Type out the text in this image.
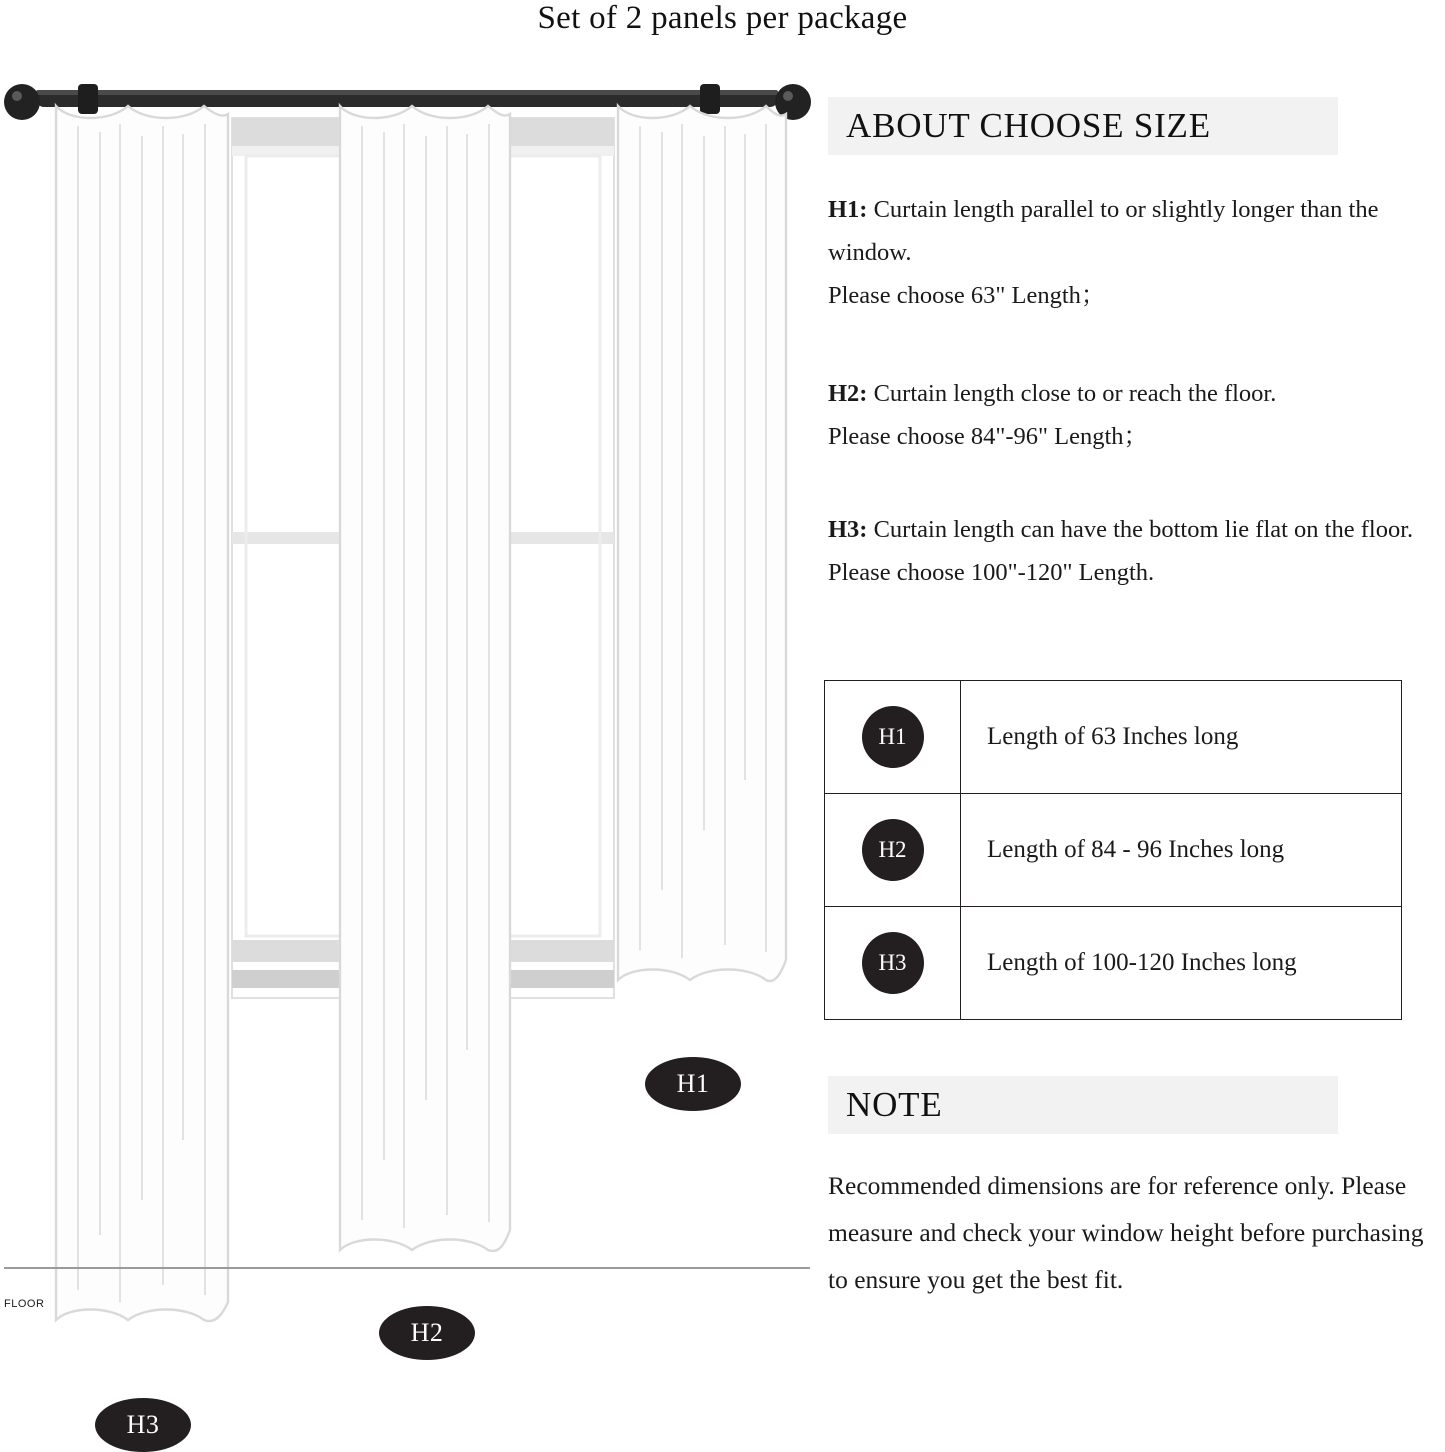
Set of 2 panels per package
FLOOR
H1
H2
H3
ABOUT CHOOSE SIZE
H1: Curtain length parallel to or slightly longer than the window.
Please choose 63" Length；
H2: Curtain length close to or reach the floor.
Please choose 84"-96" Length；
H3: Curtain length can have the bottom lie flat on the floor.
Please choose 100"-120" Length.
H1	Length of 63 Inches long
H2	Length of 84 - 96 Inches long
H3	Length of 100-120 Inches long
NOTE
Recommended dimensions are for reference only. Please measure and check your window height before purchasing to ensure you get the best fit.
